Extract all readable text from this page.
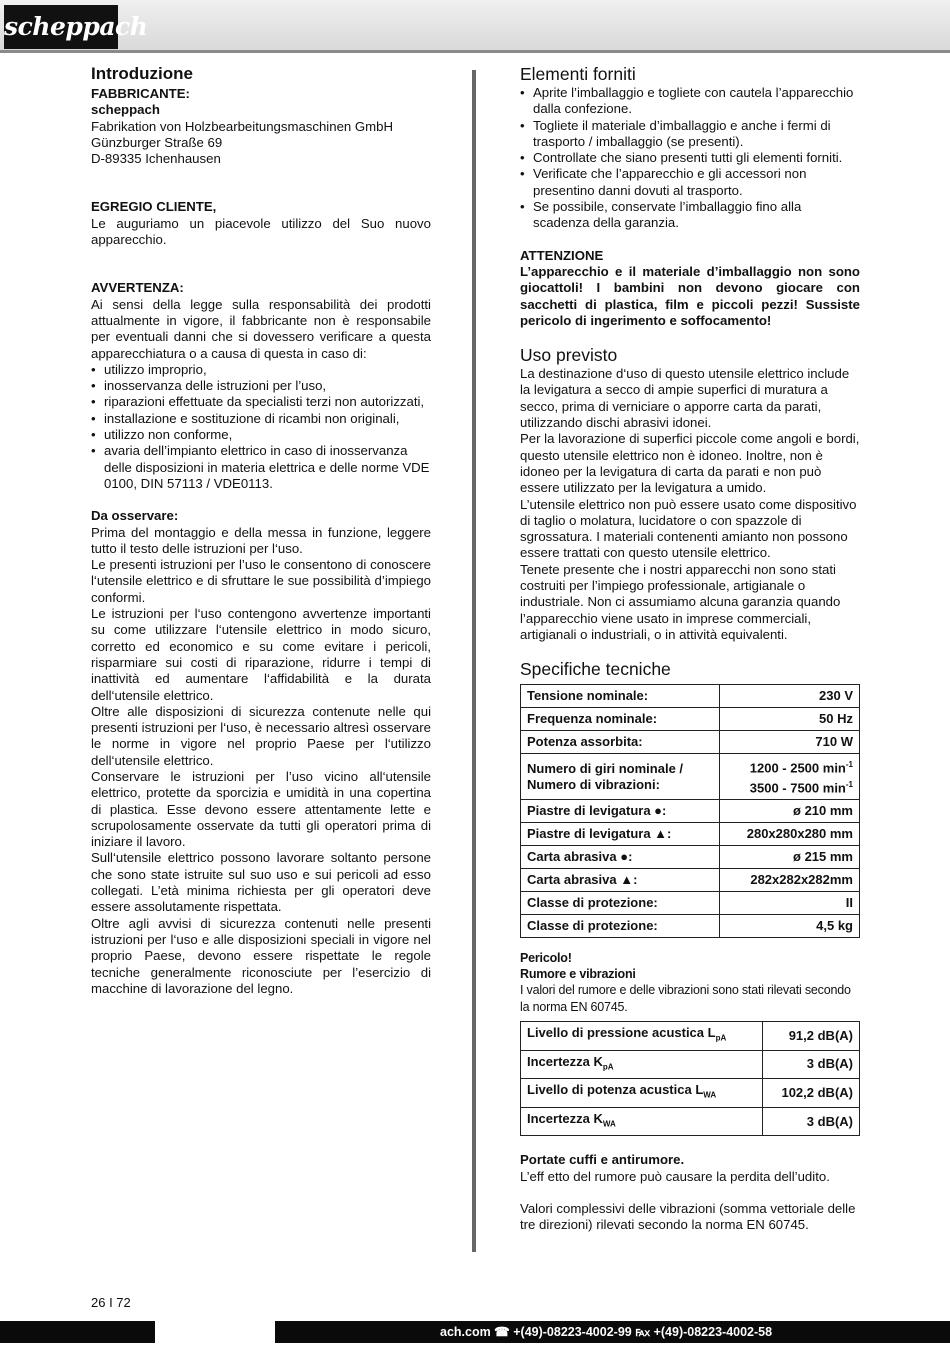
scheppach
Introduzione

FABBRICANTE:

scheppach

Fabrikation von Holzbearbeitungsmaschinen GmbH

Günzburger Straße 69

D-89335 Ichenhausen

EGREGIO CLIENTE,

Le auguriamo un piacevole utilizzo del Suo nuovo apparecchio.

AVVERTENZA:

Ai sensi della legge sulla responsabilità dei prodotti attualmente in vigore, il fabbricante non è responsabile per eventuali danni che si dovessero verificare a questa apparecchiatura o a causa di questa in caso di:

• utilizzo improprio,
• inosservanza delle istruzioni per l’uso,
• riparazioni effettuate da specialisti terzi non autorizzati,
• installazione e sostituzione di ricambi non originali,
• utilizzo non conforme,
• avaria dell’impianto elettrico in caso di inosservanza delle disposizioni in materia elettrica e delle norme VDE 0100, DIN 57113 / VDE0113.

Da osservare:

Prima del montaggio e della messa in funzione, leggere tutto il testo delle istruzioni per l‘uso.

Le presenti istruzioni per l’uso le consentono di conoscere l‘utensile elettrico e di sfruttare le sue possibilità d’impiego conformi.

Le istruzioni per l‘uso contengono avvertenze importanti su come utilizzare l‘utensile elettrico in modo sicuro, corretto ed economico e su come evitare i pericoli, risparmiare sui costi di riparazione, ridurre i tempi di inattività ed aumentare l‘affidabilità e la durata dell‘utensile elettrico.

Oltre alle disposizioni di sicurezza contenute nelle qui presenti istruzioni per l‘uso, è necessario altresì osservare le norme in vigore nel proprio Paese per l‘utilizzo dell‘utensile elettrico.

Conservare le istruzioni per l’uso vicino all‘utensile elettrico, protette da sporcizia e umidità in una copertina di plastica. Esse devono essere attentamente lette e scrupolosamente osservate da tutti gli operatori prima di iniziare il lavoro.

Sull‘utensile elettrico possono lavorare soltanto persone che sono state istruite sul suo uso e sui pericoli ad esso collegati. L’età minima richiesta per gli operatori deve essere assolutamente rispettata.

Oltre agli avvisi di sicurezza contenuti nelle presenti istruzioni per l‘uso e alle disposizioni speciali in vigore nel proprio Paese, devono essere rispettate le regole tecniche generalmente riconosciute per l’esercizio di macchine di lavorazione del legno.

Elementi forniti
• Aprite l’imballaggio e togliete con cautela l’apparecchio dalla confezione.
• Togliete il materiale d’imballaggio e anche i fermi di trasporto / imballaggio (se presenti).
• Controllate che siano presenti tutti gli elementi forniti.
• Verificate che l’apparecchio e gli accessori non presentino danni dovuti al trasporto.
• Se possibile, conservate l’imballaggio fino alla scadenza della garanzia.

ATTENZIONE

L’apparecchio e il materiale d’imballaggio non sono giocattoli! I bambini non devono giocare con sacchetti di plastica, film e piccoli pezzi! Sussiste pericolo di ingerimento e soffocamento!

Uso previsto

La destinazione d‘uso di questo utensile elettrico include la levigatura a secco di ampie superfici di muratura a secco, prima di verniciare o apporre carta da parati, utilizzando dischi abrasivi idonei.

Per la lavorazione di superfici piccole come angoli e bordi, questo utensile elettrico non è idoneo. Inoltre, non è idoneo per la levigatura di carta da parati e non può essere utilizzato per la levigatura a umido.

L’utensile elettrico non può essere usato come dispositivo di taglio o molatura, lucidatore o con spazzole di sgrossatura. I materiali contenenti amianto non possono essere trattati con questo utensile elettrico.

Tenete presente che i nostri apparecchi non sono stati costruiti per l’impiego professionale, artigianale o industriale. Non ci assumiamo alcuna garanzia quando l’apparecchio viene usato in imprese commerciali, artigianali o industriali, o in attività equivalenti.

Specifiche tecniche
Tensione nominale:	230 V
Frequenza nominale:	50 Hz
Potenza assorbita:	710 W
Numero di giri nominale /
Numero di vibrazioni:	1200 - 2500 $\min^{-1}$
3500 - 7500 $\min^{-1}$
Piastre di levigatura ●:	ø 210 mm
Piastre di levigatura ▲:	280x280x280 mm
Carta abrasiva ●:	ø 215 mm
Carta abrasiva ▲:	282x282x282mm
Classe di protezione:	II
Classe di protezione:	4,5 kg

Pericolo!

Rumore e vibrazioni

I valori del rumore e delle vibrazioni sono stati rilevati secondo la norma EN 60745.

Livello di pressione acustica $L_{pA}$	91,2 dB(A)
Incertezza $K_{pA}$	3 dB(A)
Livello di potenza acustica $L_{WA}$	102,2 dB(A)
Incertezza $K_{WA}$	3 dB(A)

Portate cuffi e antirumore.

L’eff etto del rumore può causare la perdita dell’udito.

Valori complessivi delle vibrazioni (somma vettoriale delle tre direzioni) rilevati secondo la norma EN 60745.

26 I 72
ach.com ☎ +(49)-08223-4002-99 ℻ +(49)-08223-4002-58
